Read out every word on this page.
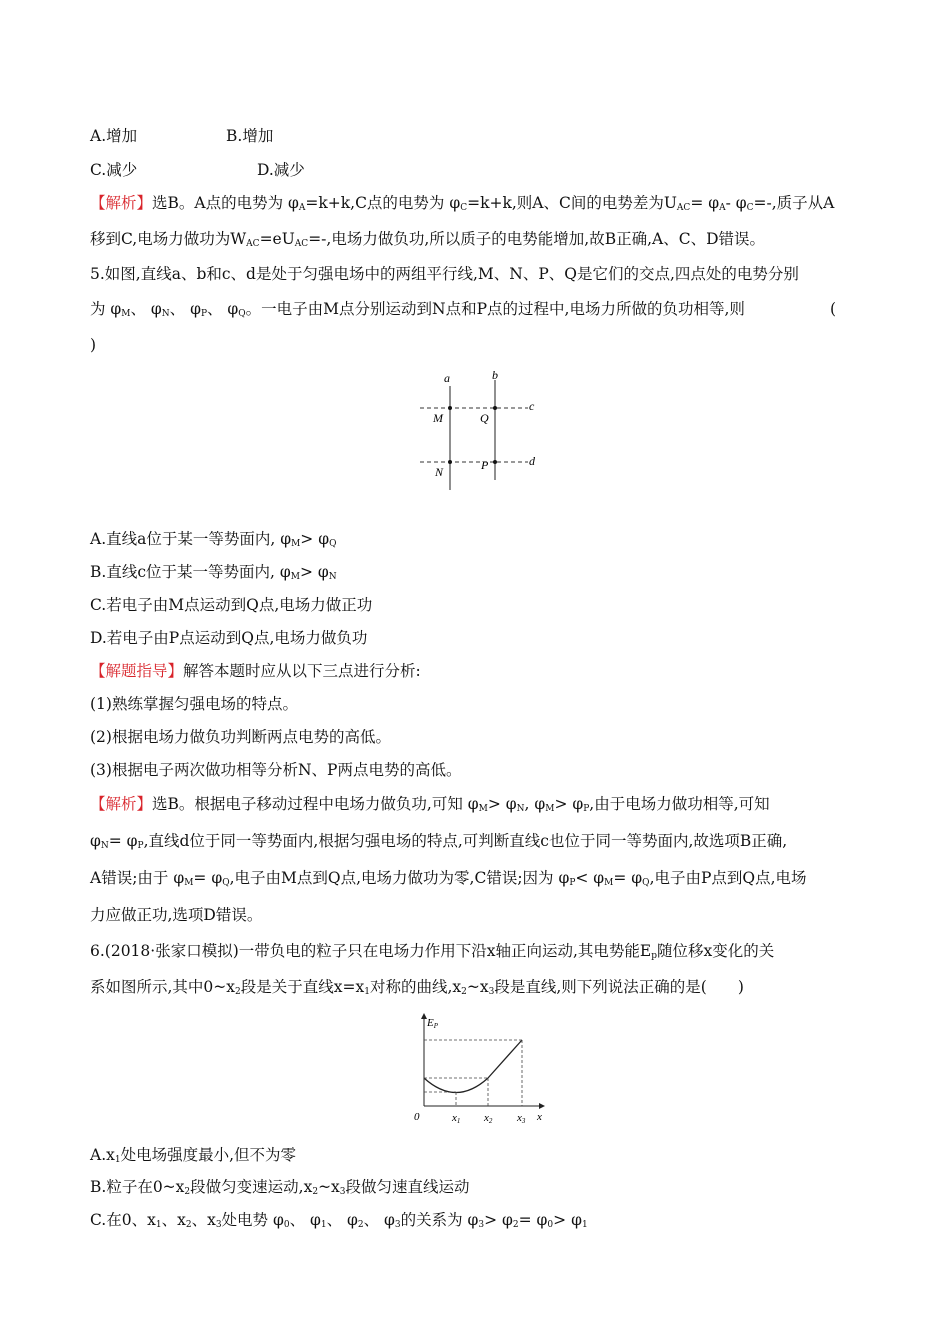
A.增加	B.增加
C.减少	D.减少
【解析】选B。A点的电势为 $\varphi_A=k+k,C$点的电势为 $\varphi_C=k+k$,则A、C间的电势差为$U_{AC}= \varphi_A-$ $\varphi_C=-$,质子从A
移到C,电场力做功为$W_{AC}=eU_{AC}=-$,电场力做负功,所以质子的电势能增加,故B正确,A、C、D错误。
5.如图,直线a、b和c、d是处于匀强电场中的两组平行线,M、N、P、Q是它们的交点,四点处的电势分别
为 $\varphi_M$、 $\varphi_N$、 $\varphi_P$、 $\varphi_Q$。一电子由M点分别运动到N点和P点的过程中,电场力所做的负功相等,则	(
)
a	b
c
d
M	Q
N	P
A.直线a位于某一等势面内, $\varphi_M> \varphi_Q$
B.直线c位于某一等势面内, $\varphi_M> \varphi_N$
C.若电子由M点运动到Q点,电场力做正功
D.若电子由P点运动到Q点,电场力做负功
【解题指导】解答本题时应从以下三点进行分析:
(1)熟练掌握匀强电场的特点。
(2)根据电场力做负功判断两点电势的高低。
(3)根据电子两次做功相等分析N、P两点电势的高低。
【解析】选B。根据电子移动过程中电场力做负功,可知 $\varphi_M> \varphi_N$, $\varphi_M> \varphi_P$,由于电场力做功相等,可知
$\varphi_N= \varphi_P$,直线d位于同一等势面内,根据匀强电场的特点,可判断直线c也位于同一等势面内,故选项B正确,
A错误;由于 $\varphi_M= \varphi_Q$,电子由M点到Q点,电场力做功为零,C错误;因为 $\varphi_P< \varphi_M= \varphi_Q$,电子由P点到Q点,电场
力应做正功,选项D错误。
6.(2018·张家口模拟)一带负电的粒子只在电场力作用下沿x轴正向运动,其电势能$E_p$随位移x变化的关
系如图所示,其中$0\sim x_2$段是关于直线$x=x_1$对称的曲线$,x_2\sim x_3$段是直线,则下列说法正确的是(　　)
EP
0	x1 x2 x3 x
$A.x_1$处电场强度最小,但不为零
B.粒子在$0\sim x_2$段做匀变速运动$,x_2\sim x_3$段做匀速直线运动
C.在0、$x_1$、$x_2$、$x_3$处电势 $\varphi_0$、 $\varphi_1$、 $\varphi_2$、 $\varphi_3$的关系为 $\varphi_3> \varphi_2= \varphi_0> \varphi_1$
